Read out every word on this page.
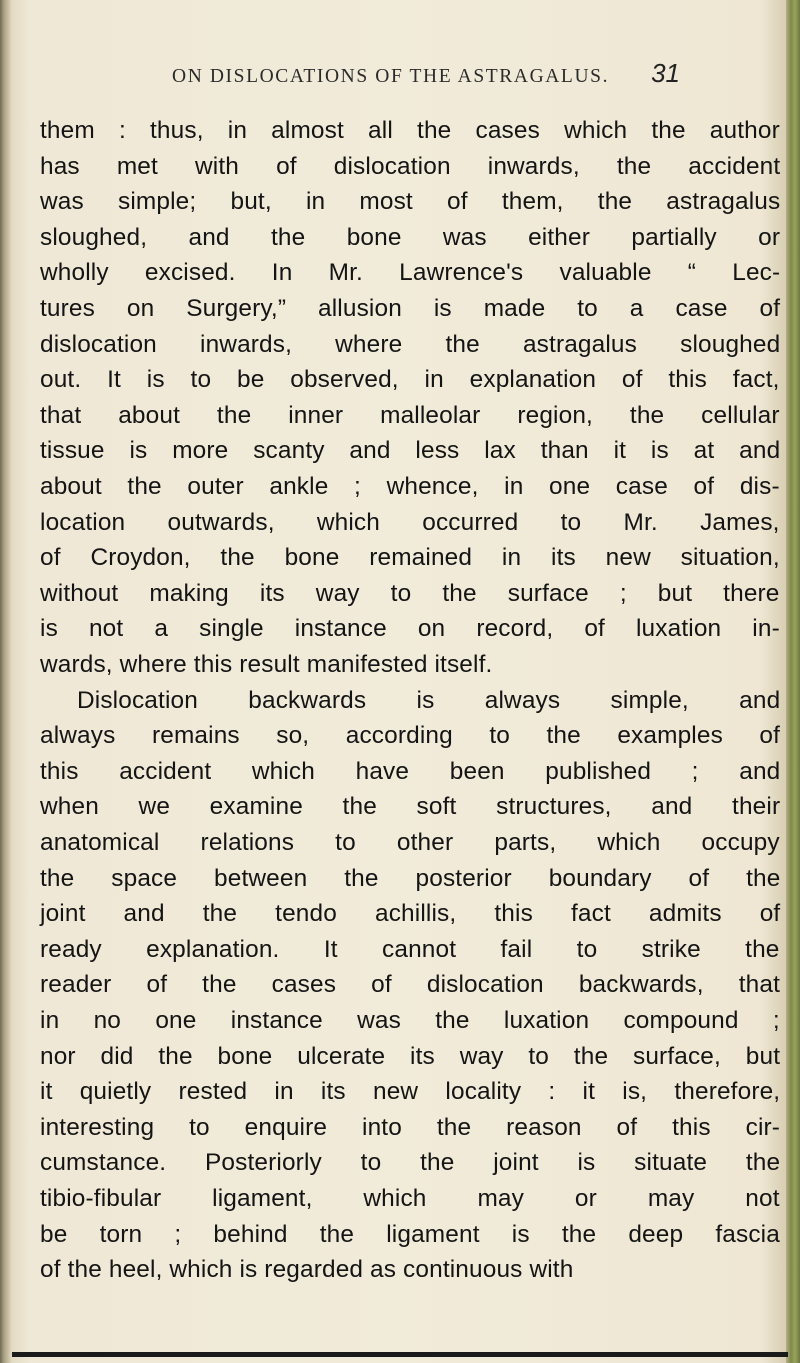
ON DISLOCATIONS OF THE ASTRAGALUS.	31
them : thus, in almost all the cases which the author
has met with of dislocation inwards, the accident
was simple; but, in most of them, the astragalus
sloughed, and the bone was either partially or
wholly excised. In Mr. Lawrence's valuable “ Lec-
tures on Surgery,” allusion is made to a case of
dislocation inwards, where the astragalus sloughed
out. It is to be observed, in explanation of this fact,
that about the inner malleolar region, the cellular
tissue is more scanty and less lax than it is at and
about the outer ankle ; whence, in one case of dis-
location outwards, which occurred to Mr. James,
of Croydon, the bone remained in its new situation,
without making its way to the surface ; but there
is not a single instance on record, of luxation in-
wards, where this result manifested itself.
Dislocation backwards is always simple, and
always remains so, according to the examples of
this accident which have been published ; and
when we examine the soft structures, and their
anatomical relations to other parts, which occupy
the space between the posterior boundary of the
joint and the tendo achillis, this fact admits of
ready explanation. It cannot fail to strike the
reader of the cases of dislocation backwards, that
in no one instance was the luxation compound ;
nor did the bone ulcerate its way to the surface, but
it quietly rested in its new locality : it is, therefore,
interesting to enquire into the reason of this cir-
cumstance. Posteriorly to the joint is situate the
tibio-fibular ligament, which may or may not
be torn ; behind the ligament is the deep fascia
of the heel, which is regarded as continuous with
